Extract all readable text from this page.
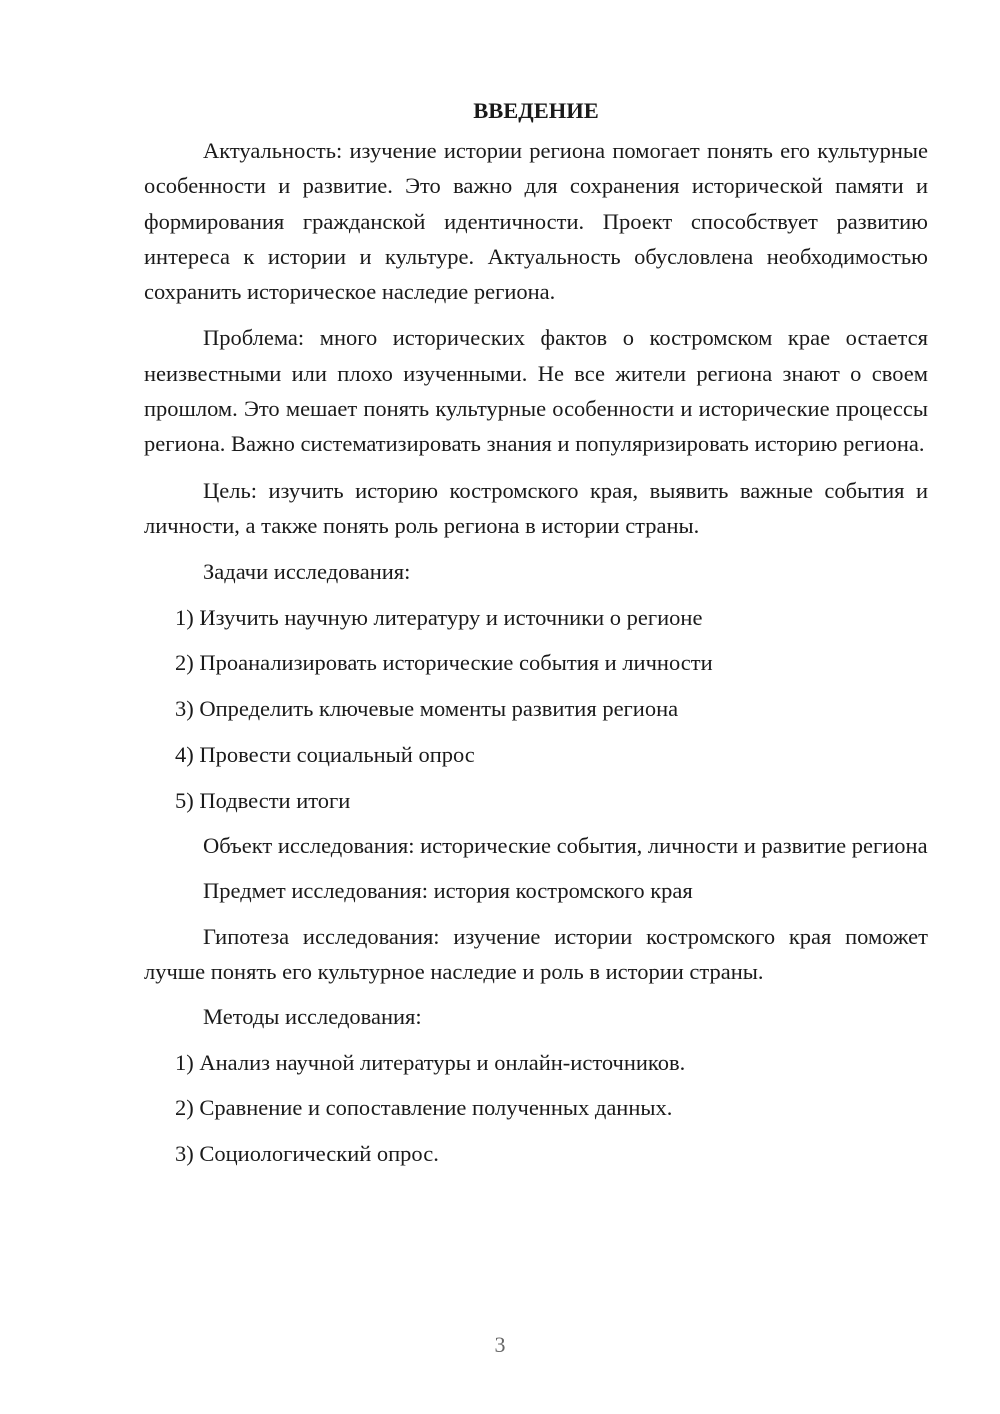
ВВЕДЕНИЕ

Актуальность: изучение истории региона помогает понять его культурные особенности и развитие. Это важно для сохранения исторической памяти и формирования гражданской идентичности. Проект способствует развитию интереса к истории и культуре. Актуальность обусловлена необходимостью сохранить историческое наследие региона.

Проблема: много исторических фактов о костромском крае остается неизвестными или плохо изученными. Не все жители региона знают о своем прошлом. Это мешает понять культурные особенности и исторические процессы региона. Важно систематизировать знания и популяризировать историю региона.

Цель: изучить историю костромского края, выявить важные события и личности, а также понять роль региона в истории страны.

Задачи исследования:

1) Изучить научную литературу и источники о регионе

2) Проанализировать исторические события и личности

3) Определить ключевые моменты развития региона

4) Провести социальный опрос

5) Подвести итоги

Объект исследования: исторические события, личности и развитие региона

Предмет исследования: история костромского края

Гипотеза исследования: изучение истории костромского края поможет лучше понять его культурное наследие и роль в истории страны.

Методы исследования:

1) Анализ научной литературы и онлайн-источников.

2) Сравнение и сопоставление полученных данных.

3) Социологический опрос.

3
